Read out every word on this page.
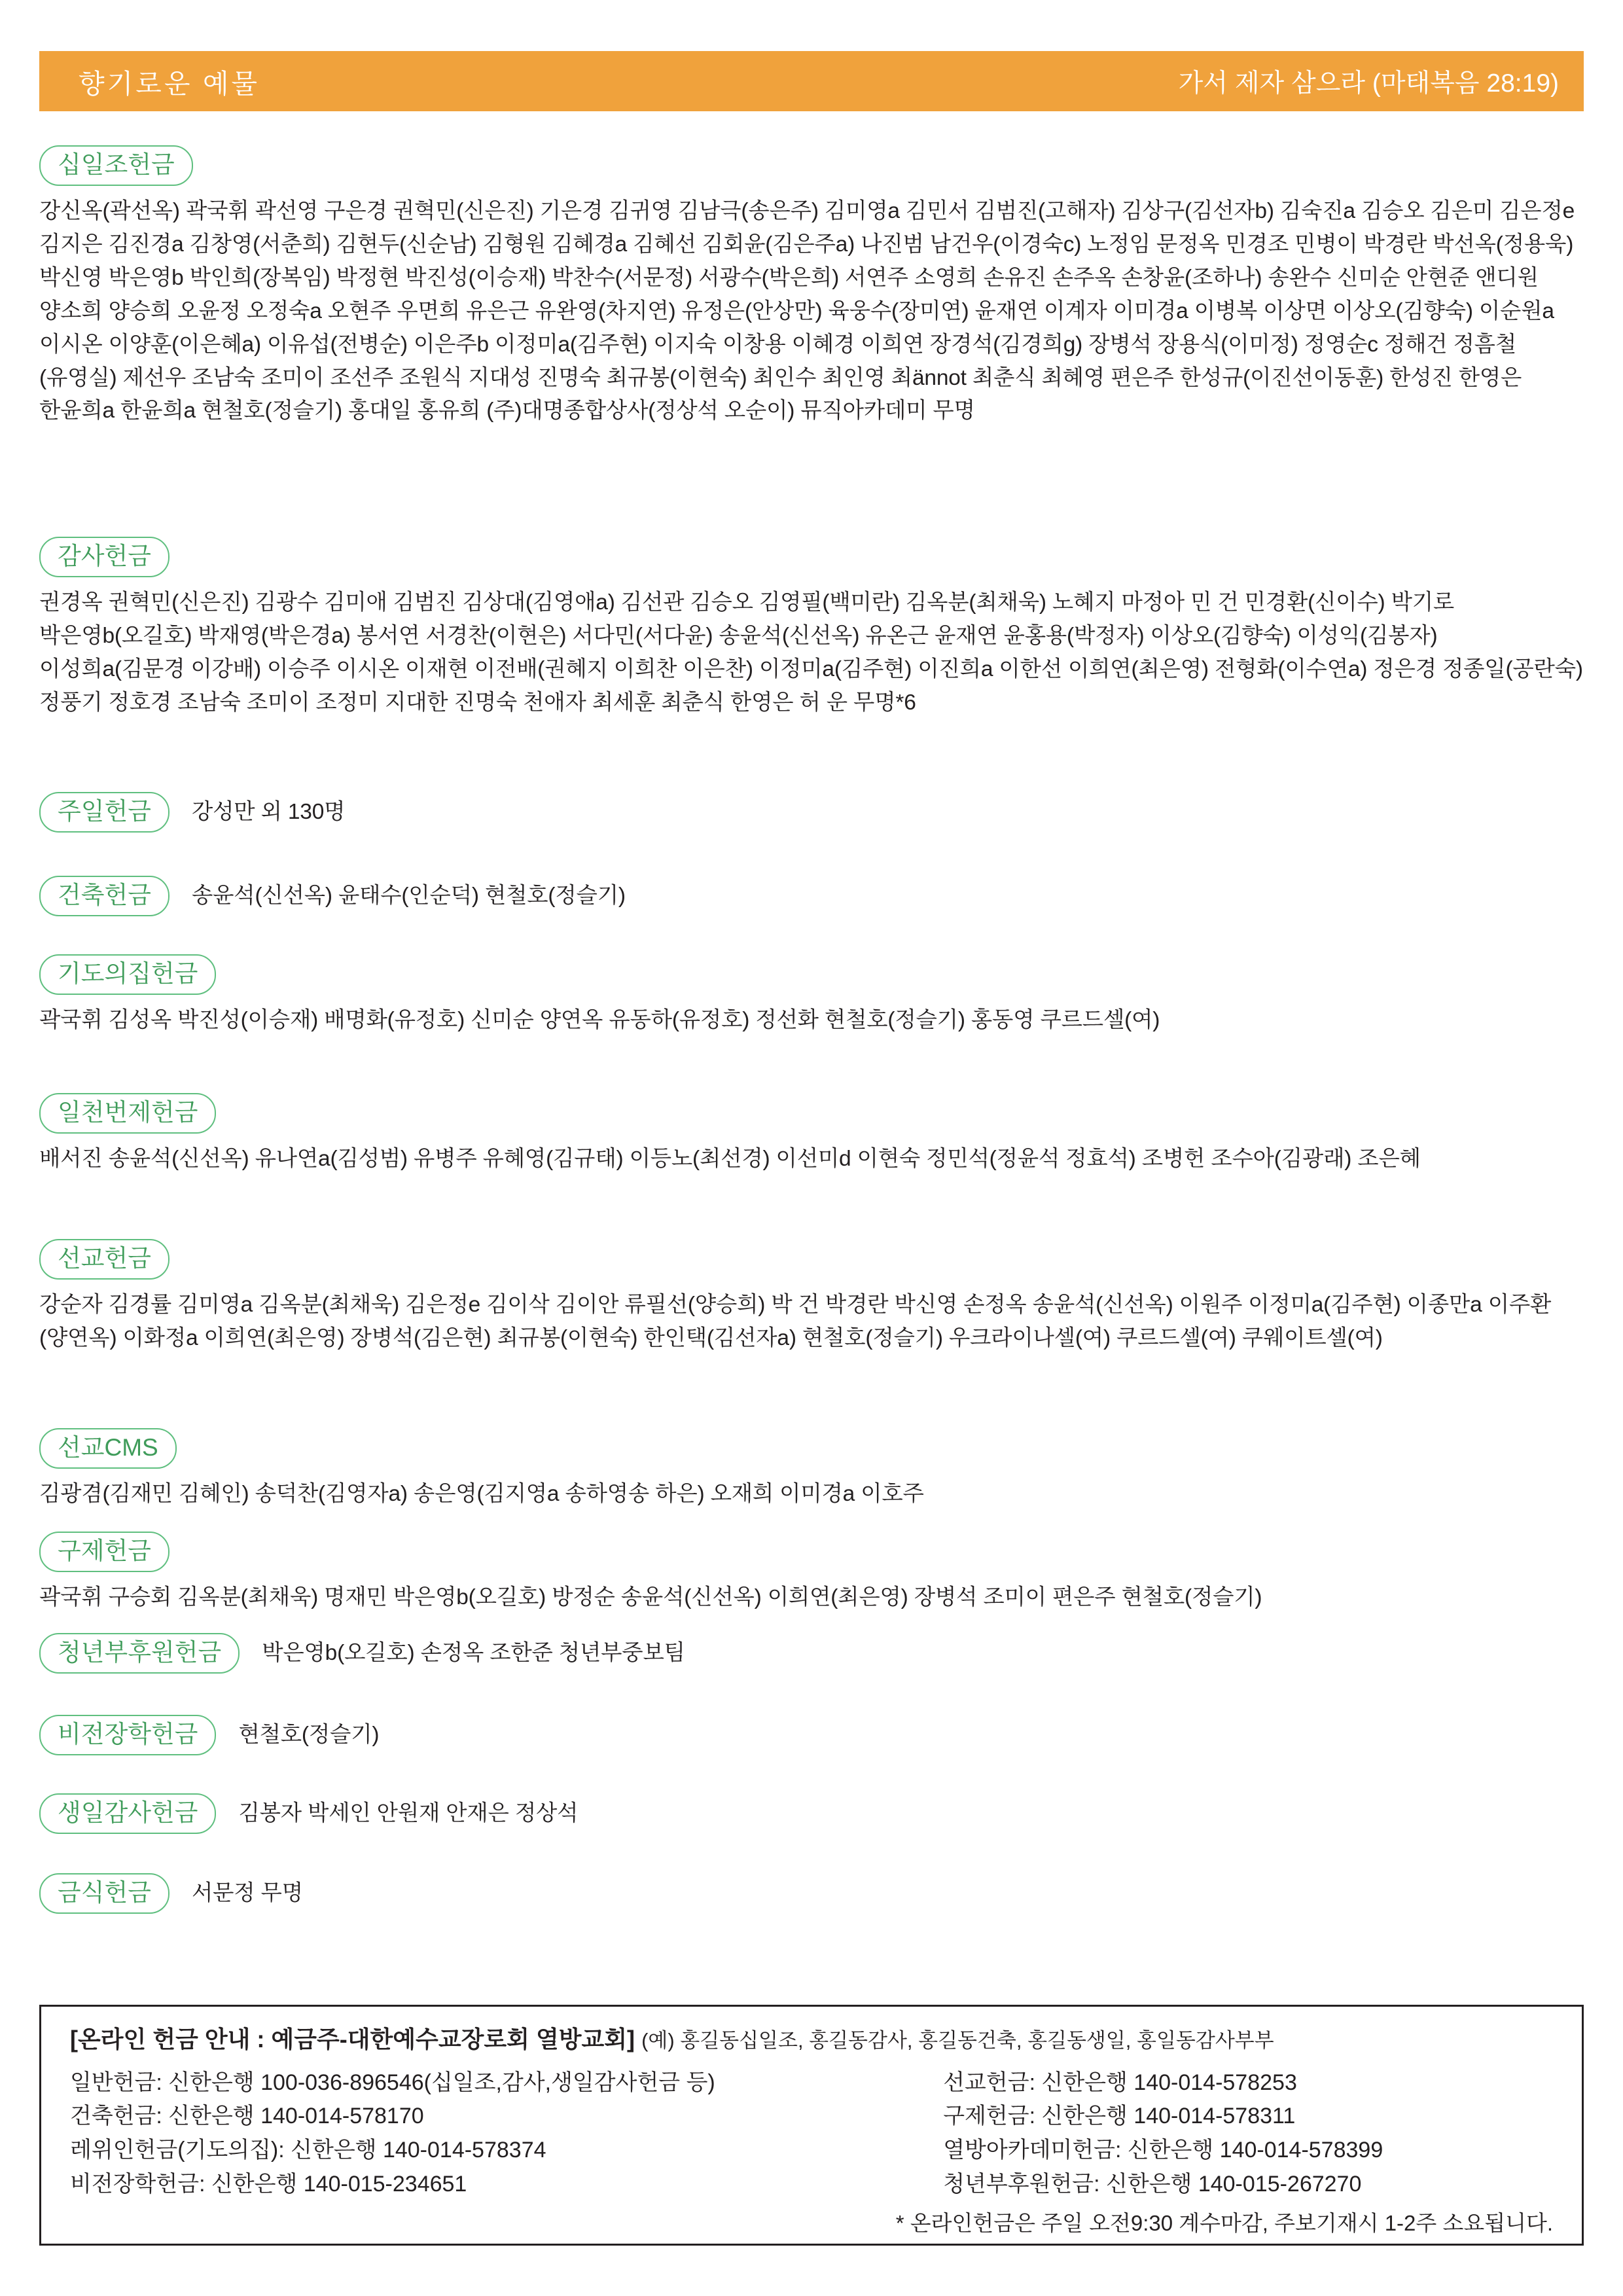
향기로운 예물	가서 제자 삼으라 (마태복음 28:19)
십일조헌금
강신옥(곽선옥) 곽국휘 곽선영 구은경 권혁민(신은진) 기은경 김귀영 김남극(송은주) 김미영a 김민서 김범진(고해자) 김상구(김선자b) 김숙진a 김승오 김은미 김은정e 김지은 김진경a 김창영(서춘희) 김현두(신순남) 김형원 김혜경a 김혜선 김회윤(김은주a) 나진범 남건우(이경숙c) 노정임 문정옥 민경조 민병이 박경란 박선옥(정용욱) 박신영 박은영b 박인희(장복임) 박정현 박진성(이승재) 박찬수(서문정) 서광수(박은희) 서연주 소영희 손유진 손주옥 손창윤(조하나) 송완수 신미순 안현준 앤디원 양소희 양승희 오윤정 오정숙a 오현주 우면희 유은근 유완영(차지연) 유정은(안상만) 육웅수(장미연) 윤재연 이계자 이미경a 이병복 이상면 이상오(김향숙) 이순원a 이시온 이양훈(이은혜a) 이유섭(전병순) 이은주b 이정미a(김주현) 이지숙 이창용 이혜경 이희연 장경석(김경희g) 장병석 장용식(이미정) 정영순c 정해건 정흠철(유영실) 제선우 조남숙 조미이 조선주 조원식 지대성 진명숙 최규봉(이현숙) 최인수 최인영 최ännot 최춘식 최혜영 편은주 한성규(이진선이동훈) 한성진 한영은 한윤희a 한윤희a 현철호(정슬기) 홍대일 홍유희 (주)대명종합상사(정상석 오순이) 뮤직아카데미 무명
감사헌금
권경옥 권혁민(신은진) 김광수 김미애 김범진 김상대(김영애a) 김선관 김승오 김영필(백미란) 김옥분(최채욱) 노혜지 마정아 민 건 민경환(신이수) 박기로 박은영b(오길호) 박재영(박은경a) 봉서연 서경찬(이현은) 서다민(서다윤) 송윤석(신선옥) 유온근 윤재연 윤홍용(박정자) 이상오(김향숙) 이성익(김봉자) 이성희a(김문경 이강배) 이승주 이시온 이재현 이전배(권혜지 이희찬 이은찬) 이정미a(김주현) 이진희a 이한선 이희연(최은영) 전형화(이수연a) 정은경 정종일(공란숙) 정풍기 정호경 조남숙 조미이 조정미 지대한 진명숙 천애자 최세훈 최춘식 한영은 허 운 무명*6
주일헌금	강성만 외 130명
건축헌금	송윤석(신선옥) 윤태수(인순덕) 현철호(정슬기)
기도의집헌금
곽국휘 김성옥 박진성(이승재) 배명화(유정호) 신미순 양연옥 유동하(유정호) 정선화 현철호(정슬기) 홍동영 쿠르드셀(여)
일천번제헌금
배서진 송윤석(신선옥) 유나연a(김성범) 유병주 유혜영(김규태) 이등노(최선경) 이선미d 이현숙 정민석(정윤석 정효석) 조병헌 조수아(김광래) 조은혜
선교헌금
강순자 김경률 김미영a 김옥분(최채욱) 김은정e 김이삭 김이안 류필선(양승희) 박 건 박경란 박신영 손정옥 송윤석(신선옥) 이원주 이정미a(김주현) 이종만a 이주환(양연옥) 이화정a 이희연(최은영) 장병석(김은현) 최규봉(이현숙) 한인택(김선자a) 현철호(정슬기) 우크라이나셀(여) 쿠르드셀(여) 쿠웨이트셀(여)
선교CMS
김광겸(김재민 김혜인) 송덕찬(김영자a) 송은영(김지영a 송하영송 하은) 오재희 이미경a 이호주
구제헌금
곽국휘 구승회 김옥분(최채욱) 명재민 박은영b(오길호) 방정순 송윤석(신선옥) 이희연(최은영) 장병석 조미이 편은주 현철호(정슬기)
청년부후원헌금	박은영b(오길호) 손정옥 조한준 청년부중보팀
비전장학헌금	현철호(정슬기)
생일감사헌금	김봉자 박세인 안원재 안재은 정상석
금식헌금	서문정 무명
[온라인 헌금 안내 : 예금주-대한예수교장로회 열방교회] (예) 홍길동십일조, 홍길동감사, 홍길동건축, 홍길동생일, 홍일동감사부부
일반헌금: 신한은행 100-036-896546(십일조,감사,생일감사헌금 등)
건축헌금: 신한은행 140-014-578170
레위인헌금(기도의집): 신한은행 140-014-578374
비전장학헌금: 신한은행 140-015-234651
선교헌금: 신한은행 140-014-578253
구제헌금: 신한은행 140-014-578311
열방아카데미헌금: 신한은행 140-014-578399
청년부후원헌금: 신한은행 140-015-267270
* 온라인헌금은 주일 오전9:30 계수마감, 주보기재시 1-2주 소요됩니다.
